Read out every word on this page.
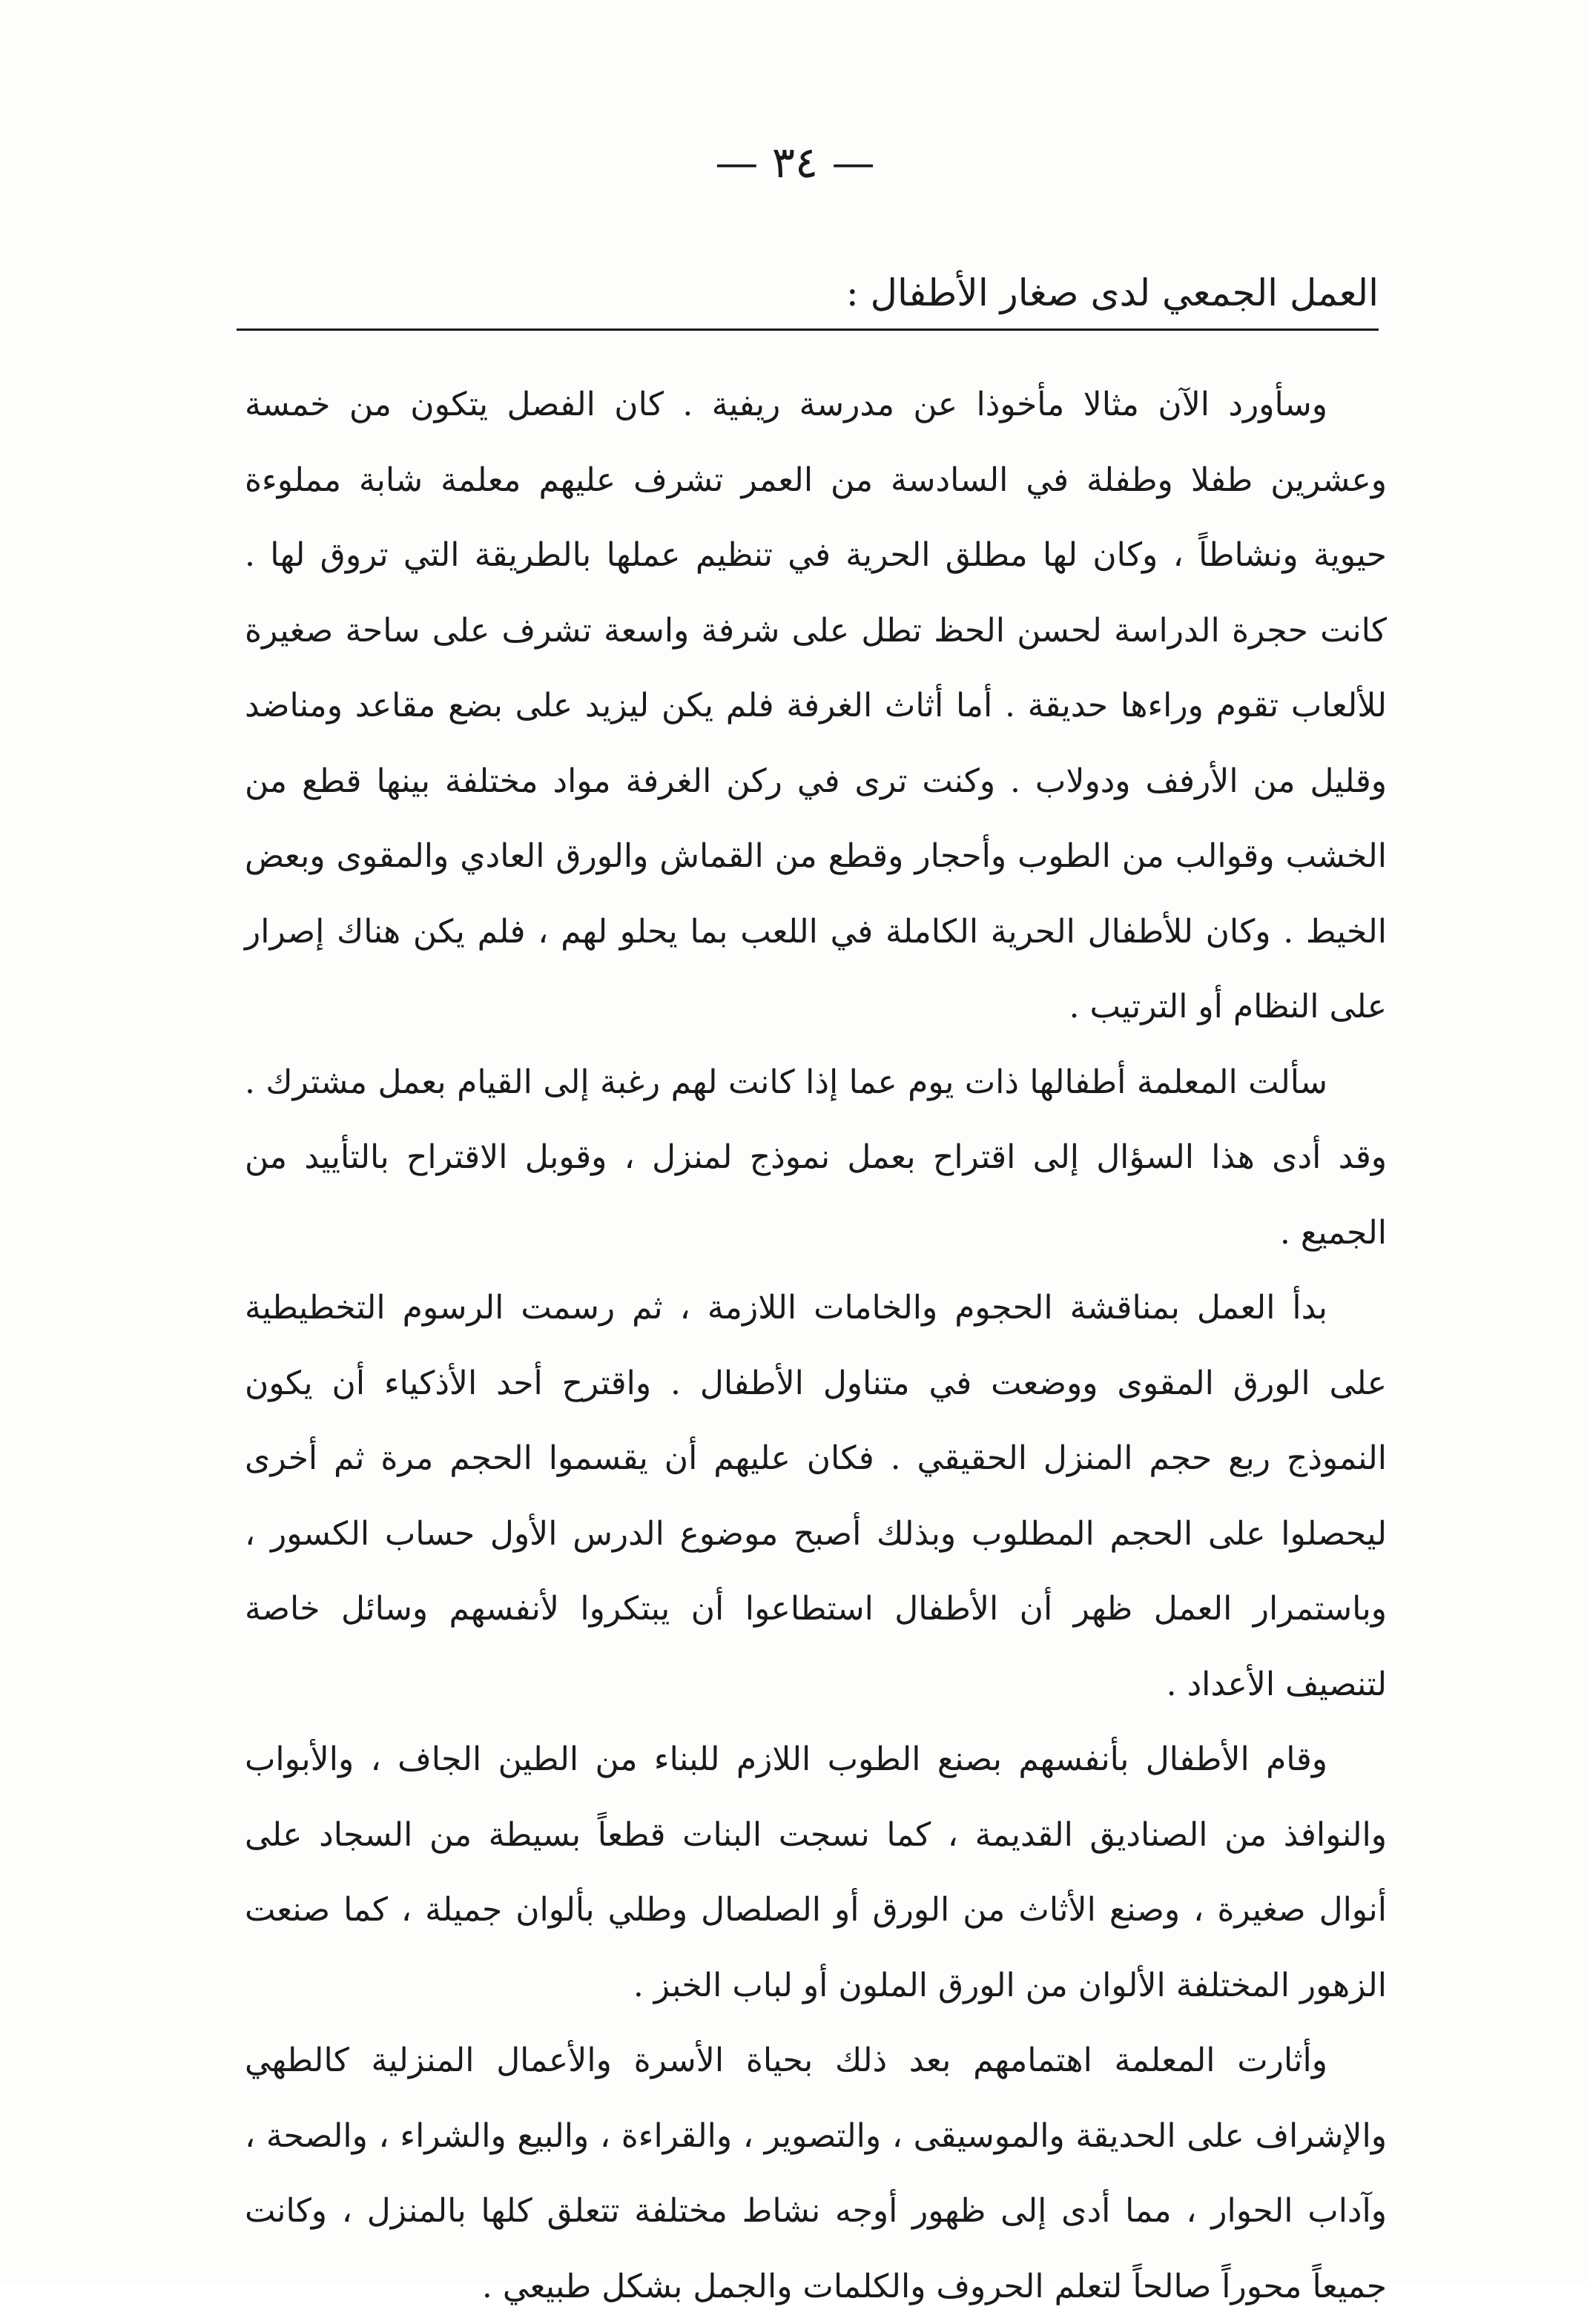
— ٣٤ —
العمل الجمعي لدى صغار الأطفال :

وسأورد الآن مثالا مأخوذا عن مدرسة ريفية . كان الفصل يتكون من خمسة وعشرين طفلا وطفلة في السادسة من العمر تشرف عليهم معلمة شابة مملوءة حيوية ونشاطاً ، وكان لها مطلق الحرية في تنظيم عملها بالطريقة التي تروق لها . كانت حجرة الدراسة لحسن الحظ تطل على شرفة واسعة تشرف على ساحة صغيرة للألعاب تقوم وراءها حديقة . أما أثاث الغرفة فلم يكن ليزيد على بضع مقاعد ومناضد وقليل من الأرفف ودولاب . وكنت ترى في ركن الغرفة مواد مختلفة بينها قطع من الخشب وقوالب من الطوب وأحجار وقطع من القماش والورق العادي والمقوى وبعض الخيط . وكان للأطفال الحرية الكاملة في اللعب بما يحلو لهم ، فلم يكن هناك إصرار على النظام أو الترتيب .

سألت المعلمة أطفالها ذات يوم عما إذا كانت لهم رغبة إلى القيام بعمل مشترك . وقد أدى هذا السؤال إلى اقتراح بعمل نموذج لمنزل ، وقوبل الاقتراح بالتأييد من الجميع .

بدأ العمل بمناقشة الحجوم والخامات اللازمة ، ثم رسمت الرسوم التخطيطية على الورق المقوى ووضعت في متناول الأطفال . واقترح أحد الأذكياء أن يكون النموذج ربع حجم المنزل الحقيقي . فكان عليهم أن يقسموا الحجم مرة ثم أخرى ليحصلوا على الحجم المطلوب وبذلك أصبح موضوع الدرس الأول حساب الكسور ، وباستمرار العمل ظهر أن الأطفال استطاعوا أن يبتكروا لأنفسهم وسائل خاصة لتنصيف الأعداد .

وقام الأطفال بأنفسهم بصنع الطوب اللازم للبناء من الطين الجاف ، والأبواب والنوافذ من الصناديق القديمة ، كما نسجت البنات قطعاً بسيطة من السجاد على أنوال صغيرة ، وصنع الأثاث من الورق أو الصلصال وطلي بألوان جميلة ، كما صنعت الزهور المختلفة الألوان من الورق الملون أو لباب الخبز .

وأثارت المعلمة اهتمامهم بعد ذلك بحياة الأسرة والأعمال المنزلية كالطهي والإشراف على الحديقة والموسيقى ، والتصوير ، والقراءة ، والبيع والشراء ، والصحة ، وآداب الحوار ، مما أدى إلى ظهور أوجه نشاط مختلفة تتعلق كلها بالمنزل ، وكانت جميعاً محوراً صالحاً لتعلم الحروف والكلمات والجمل بشكل طبيعي .
